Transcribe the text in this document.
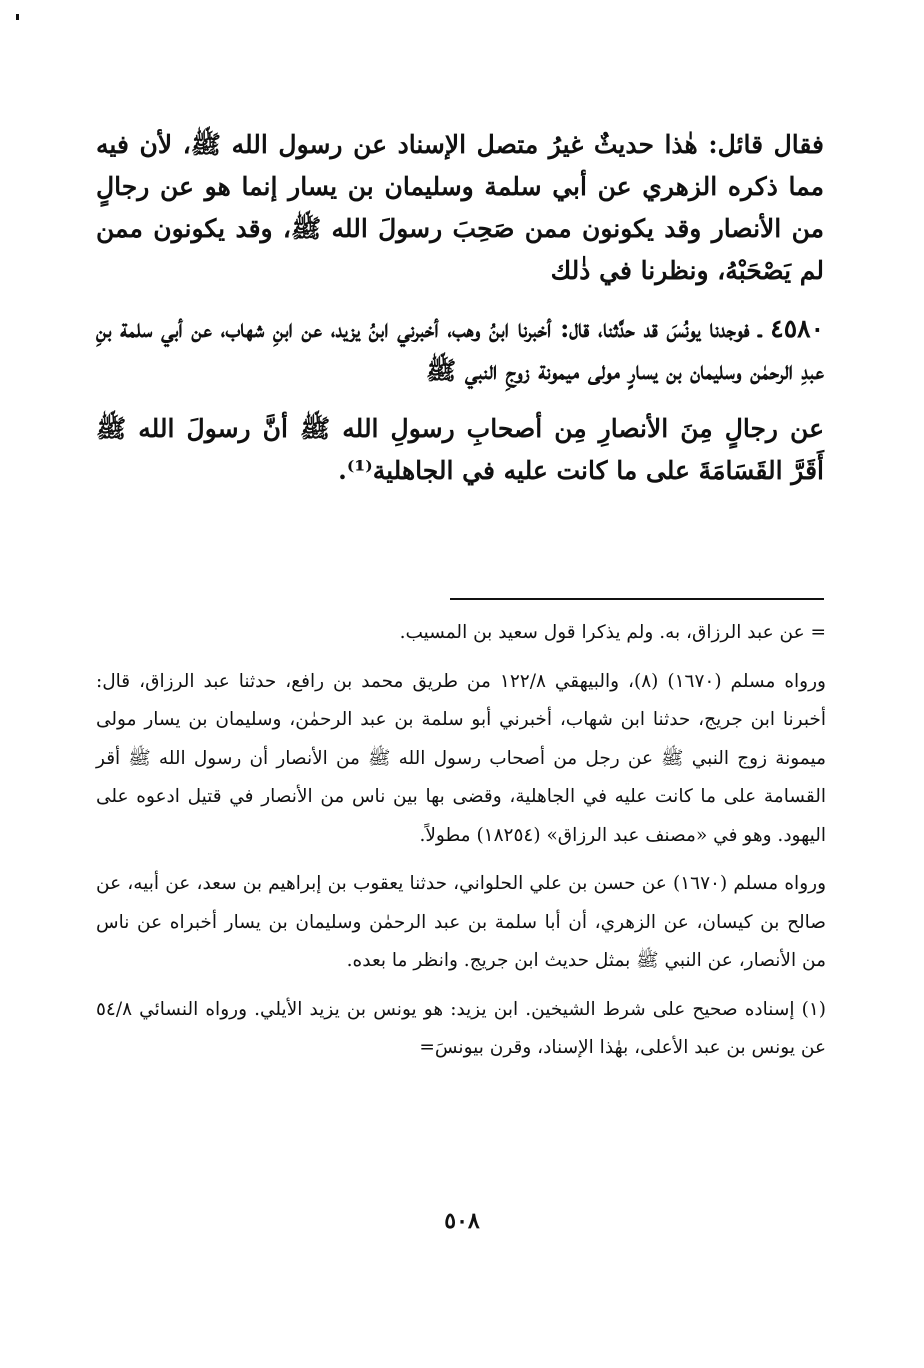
فقال قائل: هٰذا حديثٌ غيرُ متصل الإسناد عن رسول الله ﷺ، لأن فيه مما ذكره الزهري عن أبي سلمة وسليمان بن يسار إنما هو عن رجالٍ من الأنصار وقد يكونون ممن صَحِبَ رسولَ الله ﷺ، وقد يكونون ممن لم يَصْحَبْهُ، ونظرنا في ذٰلك

٤٥٨٠ ـ فوجدنا يونُسَ قد حدَّثنا، قال: أخبرنا ابنُ وهب، أخبرني ابنُ يزيد، عن ابنِ شهاب، عن أبي سلمة بنِ عبدِ الرحمٰن وسليمان بن يسارٍ مولى ميمونة زوجِ النبي ﷺ

عن رجالٍ مِنَ الأنصارِ مِن أصحابِ رسولِ الله ﷺ أنَّ رسولَ الله ﷺ أَقَرَّ القَسَامَةَ على ما كانت عليه في الجاهلية⁽¹⁾.

= عن عبد الرزاق، به. ولم يذكرا قول سعيد بن المسيب.

ورواه مسلم (١٦٧٠) (٨)، والبيهقي ١٢٢/٨ من طريق محمد بن رافع، حدثنا عبد الرزاق، قال: أخبرنا ابن جريج، حدثنا ابن شهاب، أخبرني أبو سلمة بن عبد الرحمٰن، وسليمان بن يسار مولى ميمونة زوج النبي ﷺ عن رجل من أصحاب رسول الله ﷺ من الأنصار أن رسول الله ﷺ أقر القسامة على ما كانت عليه في الجاهلية، وقضى بها بين ناس من الأنصار في قتيل ادعوه على اليهود. وهو في «مصنف عبد الرزاق» (١٨٢٥٤) مطولاً.

ورواه مسلم (١٦٧٠) عن حسن بن علي الحلواني، حدثنا يعقوب بن إبراهيم بن سعد، عن أبيه، عن صالح بن كيسان، عن الزهري، أن أبا سلمة بن عبد الرحمٰن وسليمان بن يسار أخبراه عن ناس من الأنصار، عن النبي ﷺ بمثل حديث ابن جريج. وانظر ما بعده.

(١) إسناده صحيح على شرط الشيخين. ابن يزيد: هو يونس بن يزيد الأيلي. ورواه النسائي ٥٤/٨ عن يونس بن عبد الأعلى، بهٰذا الإسناد، وقرن بيونسَ=

٥٠٨
